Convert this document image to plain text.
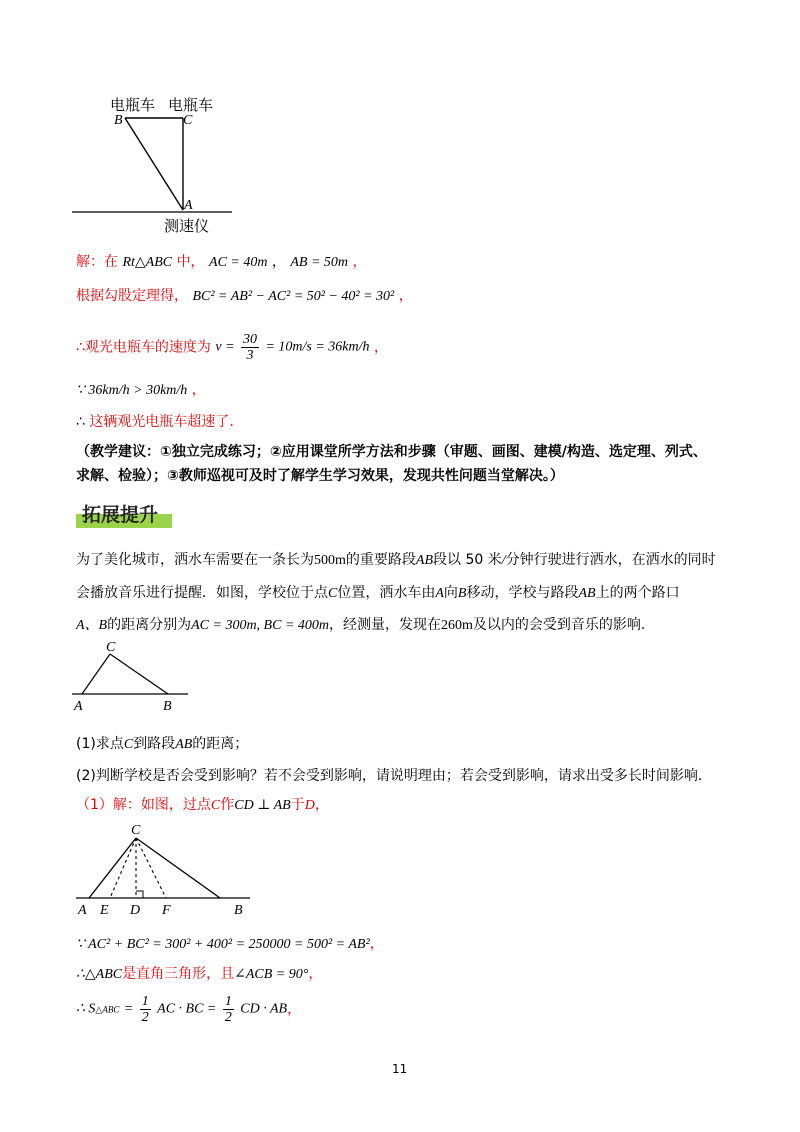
电瓶车 电瓶车
B	C
A
测速仪
解：在 Rt△ABC 中， AC = 40m ， AB = 50m ，
根据勾股定理得， BC² = AB² − AC² = 50² − 40² = 30² ，
∴观光电瓶车的速度为 $v = \frac{30}{3} = 10m/s = 36km/h$ ，
∵ 36km/h > 30km/h ，
∴ 这辆观光电瓶车超速了.
（教学建议：①独立完成练习；②应用课堂所学方法和步骤（审题、画图、建模/构造、选定理、列式、
求解、检验）；③教师巡视可及时了解学生学习效果，发现共性问题当堂解决。）
拓展提升
为了美化城市，洒水车需要在一条长为500m的重要路段AB段以 50 米/分钟行驶进行洒水，在洒水的同时
会播放音乐进行提醒．如图，学校位于点C位置，洒水车由A向B移动，学校与路段AB上的两个路口
A、B的距离分别为AC = 300m, BC = 400m，经测量，发现在260m及以内的会受到音乐的影响.
C
A	B
(1)求点C到路段AB的距离；
(2)判断学校是否会受到影响？若不会受到影响，请说明理由；若会受到影响，请求出受多长时间影响．
（1）解：如图，过点C作CD ⊥ AB于D，
C
A E D F	B
∵ AC² + BC² = 300² + 400² = 250000 = 500² = AB²，
∴△ABC是直角三角形，且∠ACB = 90°，
∴ S△ABC = $\frac{1}{2}$ AC · BC = $\frac{1}{2}$ CD · AB，
11
